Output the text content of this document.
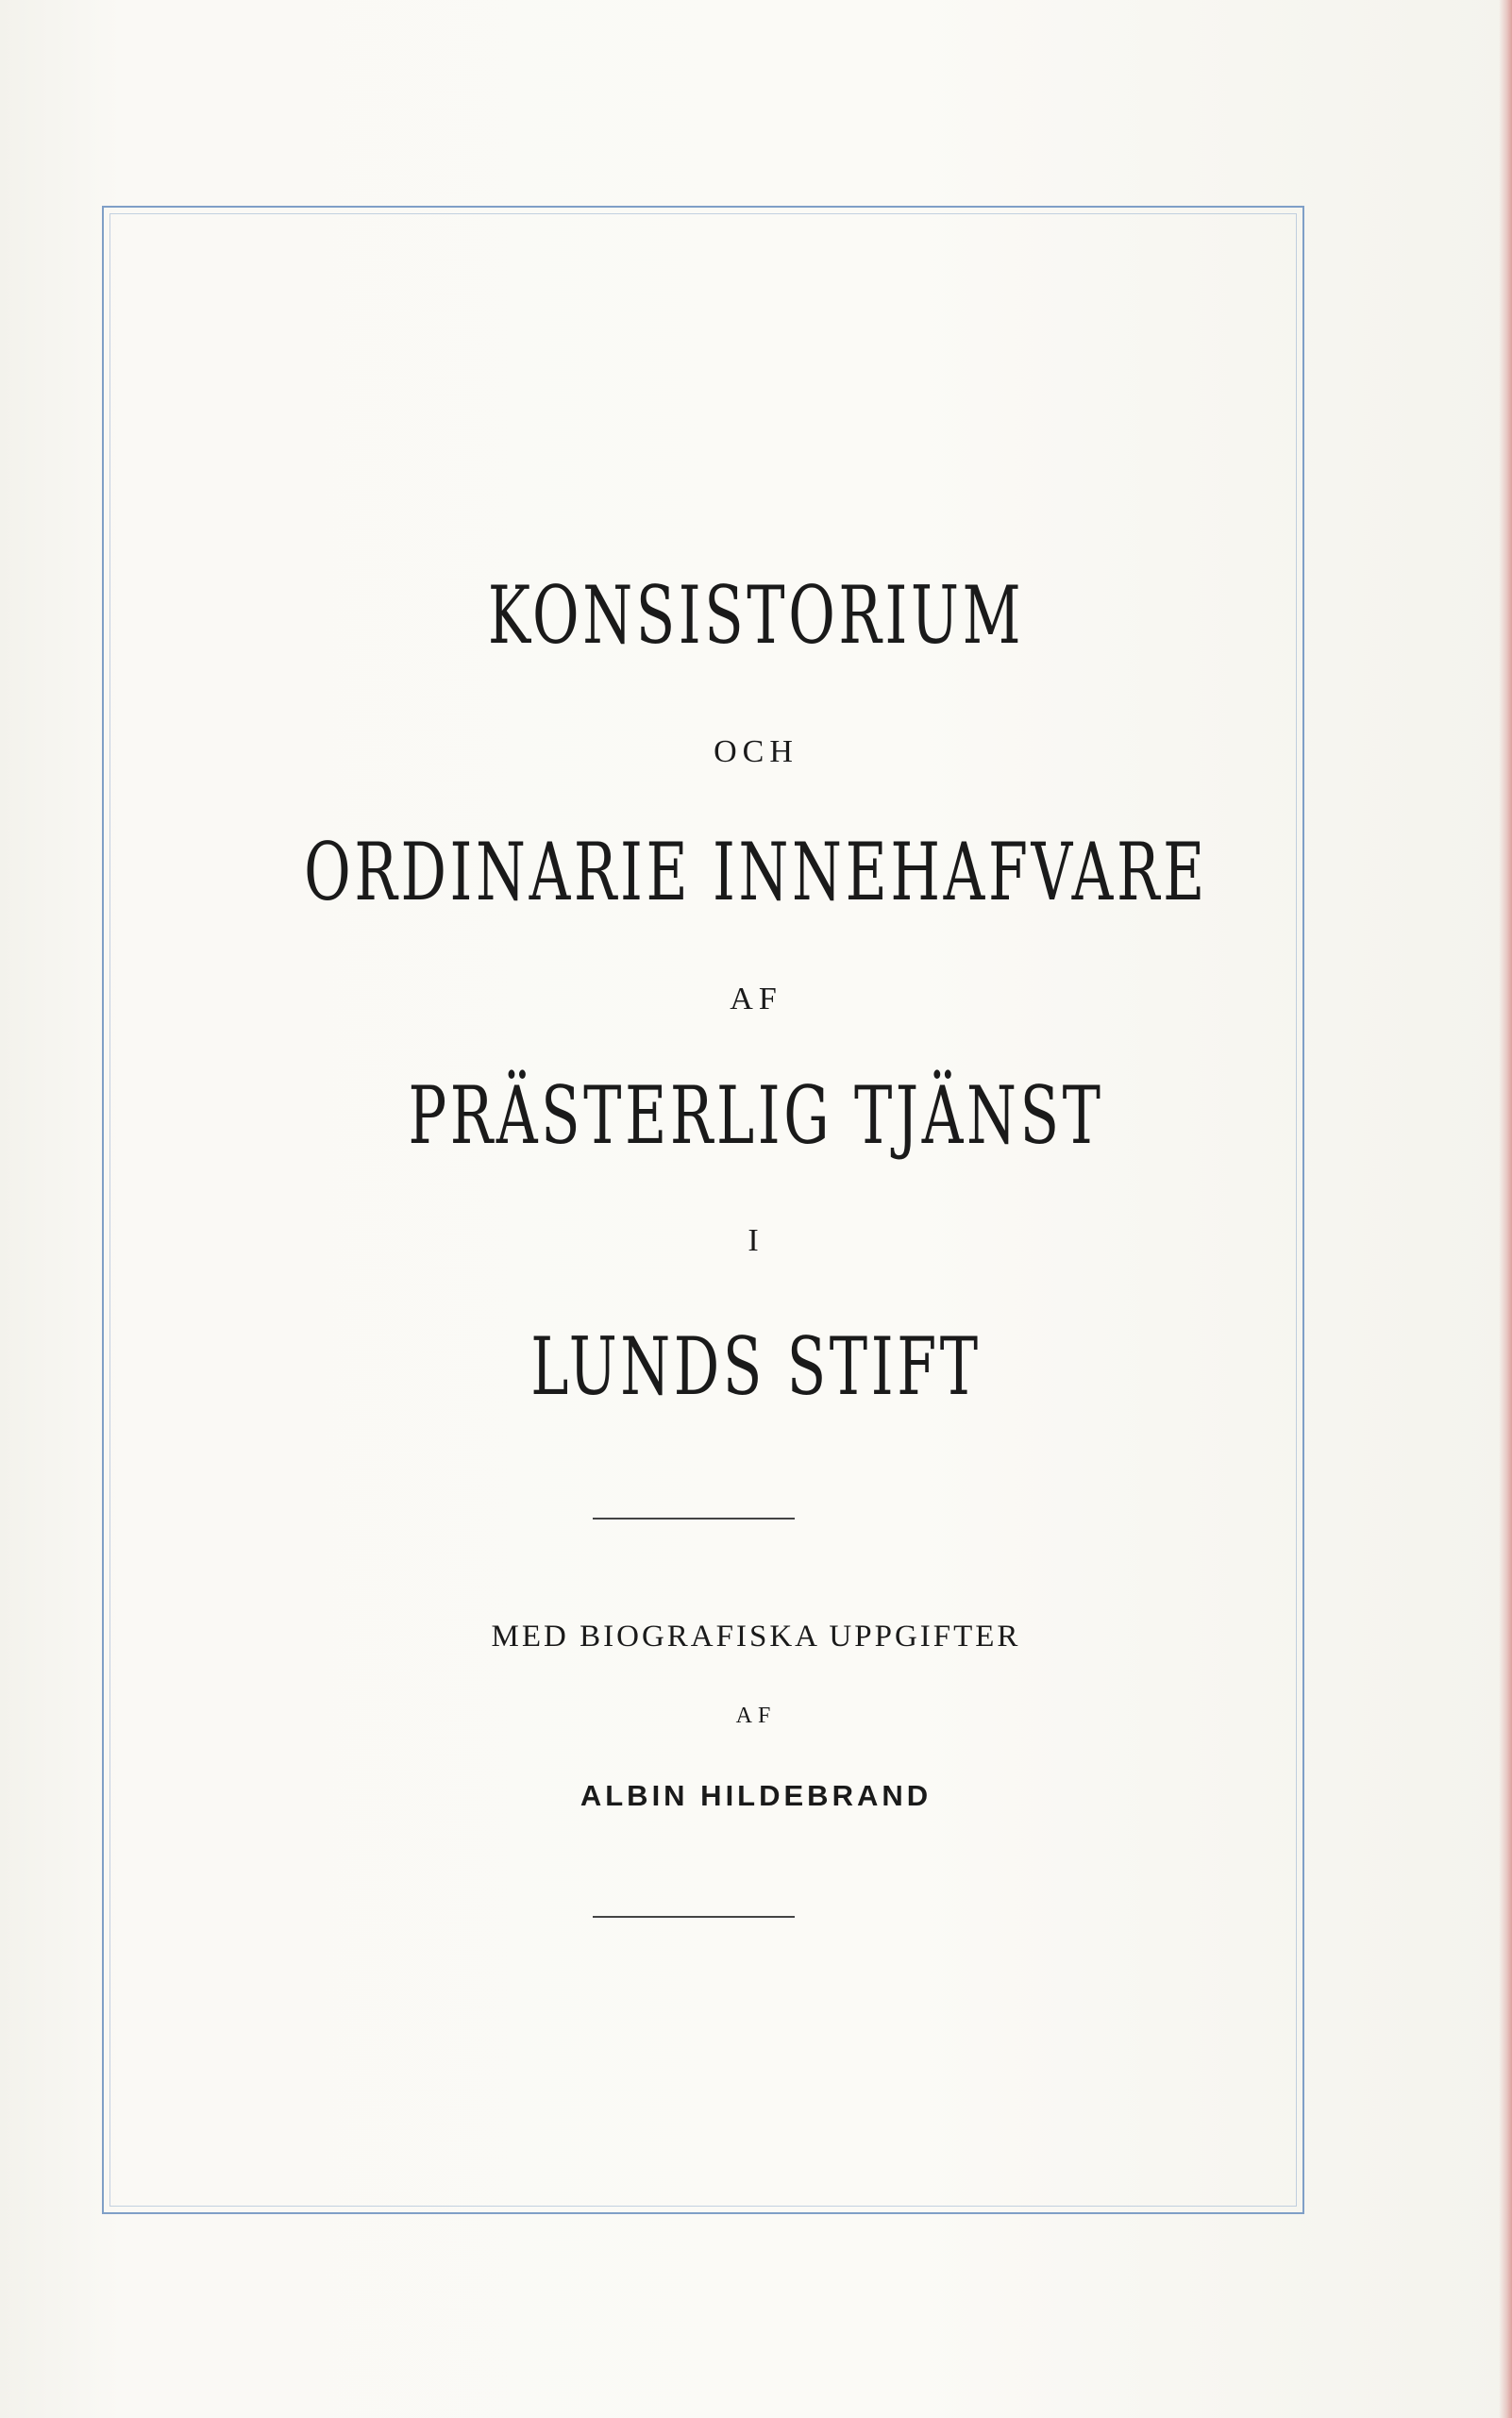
KONSISTORIUM
OCH
ORDINARIE INNEHAFVARE
AF
PRÄSTERLIG TJÄNST
I
LUNDS STIFT
MED BIOGRAFISKA UPPGIFTER
AF
ALBIN HILDEBRAND
